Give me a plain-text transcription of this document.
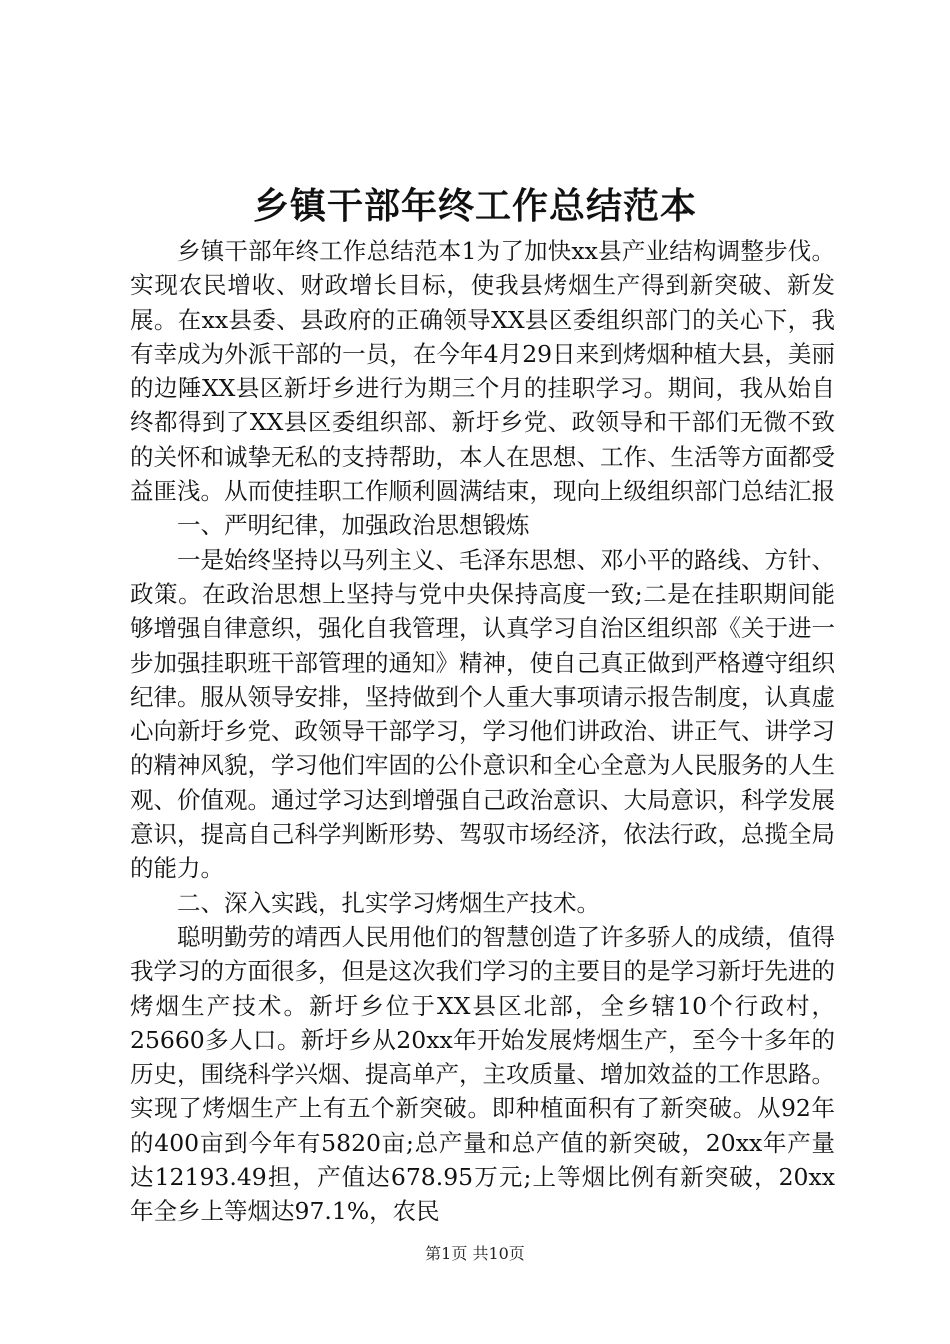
乡镇干部年终工作总结范本

乡镇干部年终工作总结范本1为了加快xx县产业结构调整步伐。实现农民增收、财政增长目标，使我县烤烟生产得到新突破、新发展。在xx县委、县政府的正确领导XX县区委组织部门的关心下，我有幸成为外派干部的一员，在今年4月29日来到烤烟种植大县，美丽的边陲XX县区新圩乡进行为期三个月的挂职学习。期间，我从始自终都得到了XX县区委组织部、新圩乡党、政领导和干部们无微不致的关怀和诚挚无私的支持帮助，本人在思想、工作、生活等方面都受益匪浅。从而使挂职工作顺利圆满结束，现向上级组织部门总结汇报

一、严明纪律，加强政治思想锻炼

一是始终坚持以马列主义、毛泽东思想、邓小平的路线、方针、政策。在政治思想上坚持与党中央保持高度一致;二是在挂职期间能够增强自律意织，强化自我管理，认真学习自治区组织部《关于进一步加强挂职班干部管理的通知》精神，使自己真正做到严格遵守组织纪律。服从领导安排，坚持做到个人重大事项请示报告制度，认真虚心向新圩乡党、政领导干部学习，学习他们讲政治、讲正气、讲学习的精神风貌，学习他们牢固的公仆意识和全心全意为人民服务的人生观、价值观。通过学习达到增强自己政治意识、大局意识，科学发展意识，提高自己科学判断形势、驾驭市场经济，依法行政，总揽全局的能力。

二、深入实践，扎实学习烤烟生产技术。

聪明勤劳的靖西人民用他们的智慧创造了许多骄人的成绩，值得我学习的方面很多，但是这次我们学习的主要目的是学习新圩先进的烤烟生产技术。新圩乡位于XX县区北部，全乡辖10个行政村，25660多人口。新圩乡从20xx年开始发展烤烟生产，至今十多年的历史，围绕科学兴烟、提高单产，主攻质量、增加效益的工作思路。实现了烤烟生产上有五个新突破。即种植面积有了新突破。从92年的400亩到今年有5820亩;总产量和总产值的新突破，20xx年产量达12193.49担，产值达678.95万元;上等烟比例有新突破，20xx年全乡上等烟达97.1%，农民

第1页 共10页
